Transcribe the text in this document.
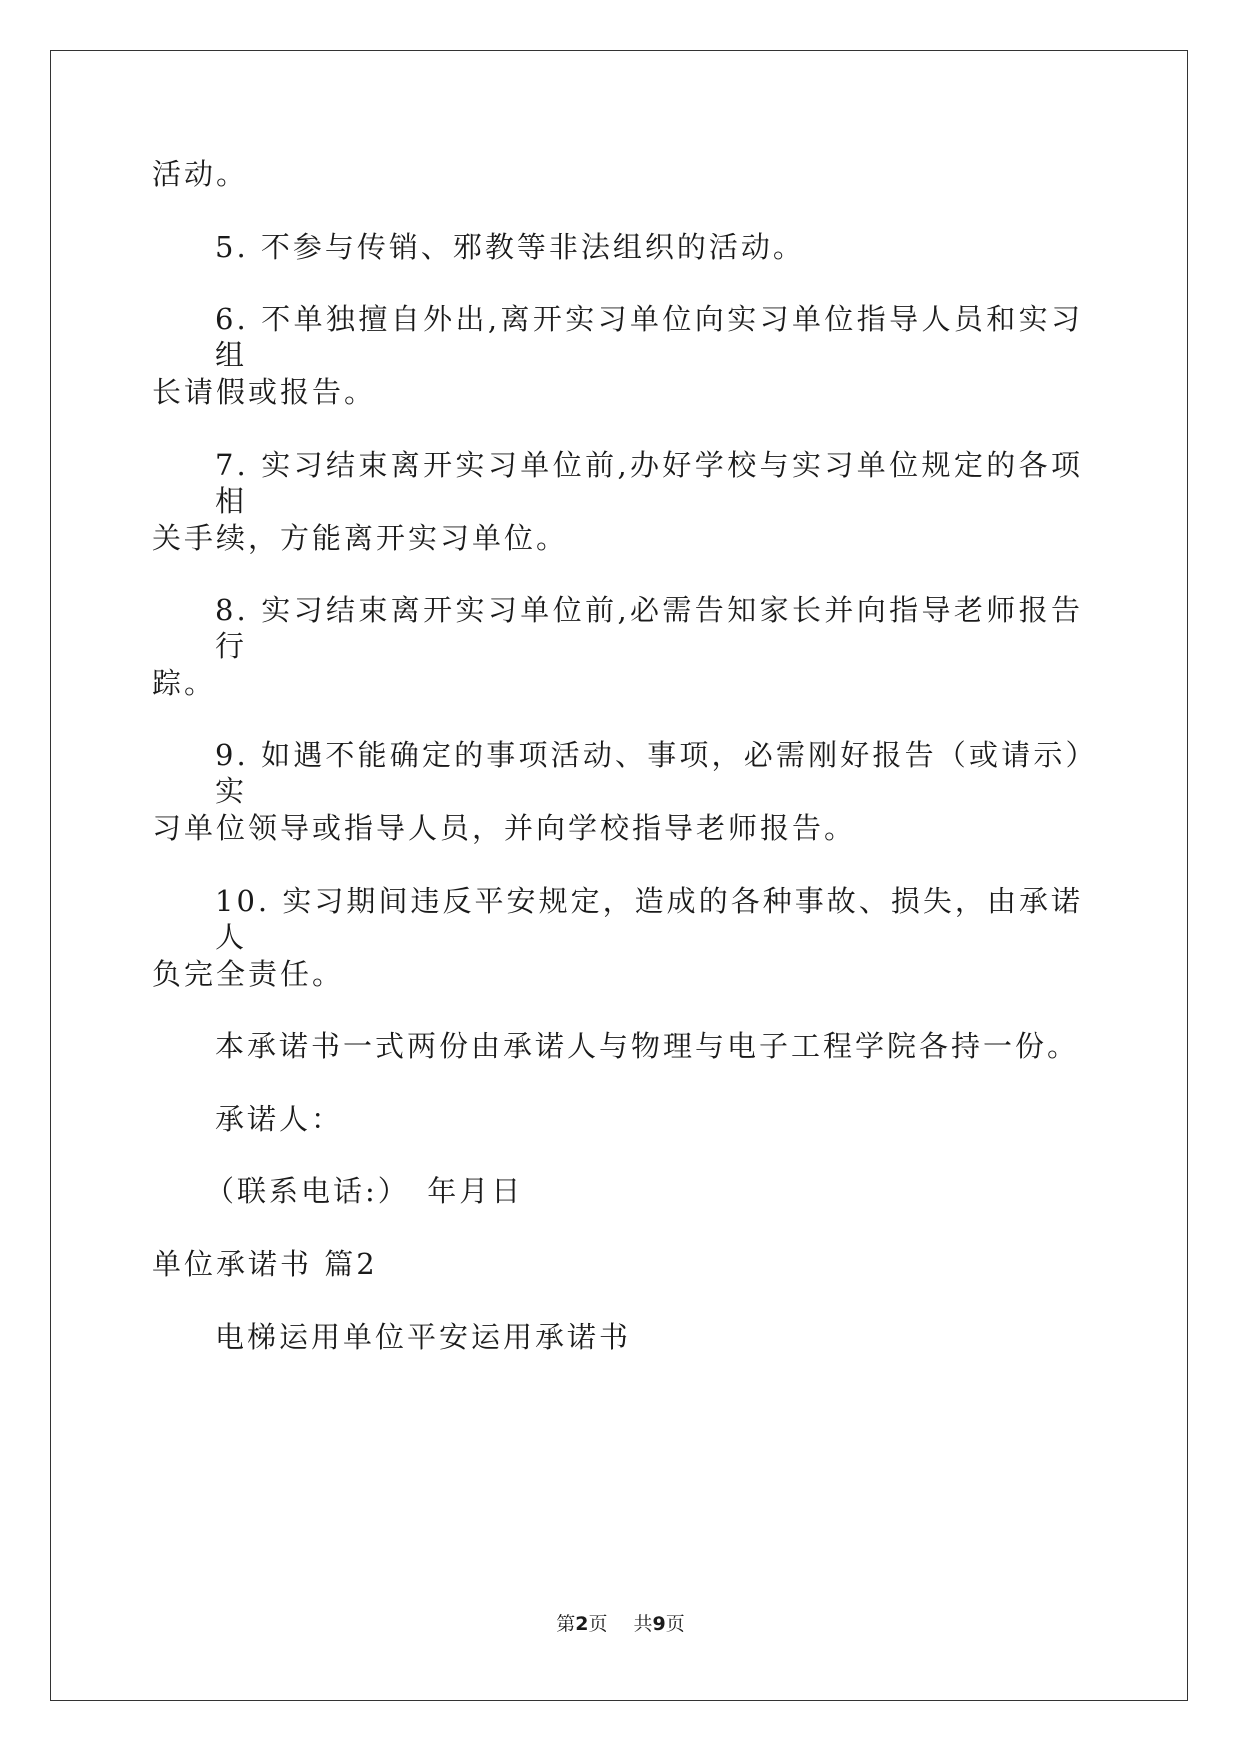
活动。
5. 不参与传销、邪教等非法组织的活动。
6. 不单独擅自外出,离开实习单位向实习单位指导人员和实习组
长请假或报告。
7. 实习结束离开实习单位前,办好学校与实习单位规定的各项相
关手续，方能离开实习单位。
8. 实习结束离开实习单位前,必需告知家长并向指导老师报告行
踪。
9. 如遇不能确定的事项活动、事项，必需刚好报告（或请示）实
习单位领导或指导人员，并向学校指导老师报告。
10. 实习期间违反平安规定，造成的各种事故、损失，由承诺人
负完全责任。
本承诺书一式两份由承诺人与物理与电子工程学院各持一份。
承诺人：
（联系电话:）　年月日
单位承诺书 篇2
电梯运用单位平安运用承诺书
第2页 共9页
